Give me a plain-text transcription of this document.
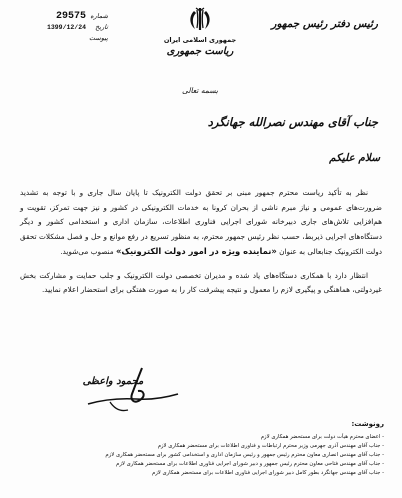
رئیس دفتر رئیس جمهور
جمهوری اسلامی ایران
ریاست جمهوری
شماره
29575
تاریخ
1399/12/24
پیوست
بسمه تعالی
جناب آقای مهندس نصرالله جهانگرد
سلام علیکم

نظر به تأکید ریاست محترم جمهور مبنی بر تحقق دولت الکترونیک تا پایان سال جاری و با توجه به تشدید ضرورت‌های عمومی و نیاز مبرم ناشی از بحران کرونا به خدمات الکترونیکی در کشور و نیز جهت تمرکز، تقویت و هم‌افزایی تلاش‌های جاری دبیرخانه شورای اجرایی فناوری اطلاعات، سازمان اداری و استخدامی کشور و دیگر دستگاه‌های اجرایی ذیربط، حسب نظر رئیس جمهور محترم، به منظور تسریع در رفع موانع و حل و فصل مشکلات تحقق دولت الکترونیک جنابعالی به عنوان «نماینده ویژه در امور دولت الکترونیک» منصوب می‌شوید.

انتظار دارد با همکاری دستگاه‌های یاد شده و مدیران تخصصی دولت الکترونیک و جلب حمایت و مشارکت بخش غیردولتی، هماهنگی و پیگیری لازم را معمول و نتیجه پیشرفت کار را به صورت هفتگی برای استحضار اعلام نمایید.

محمود واعظی
رونوشت:
- اعضای محترم هیأت دولت برای مستحضر همکاری لازم
- جناب آقای مهندس آذری جهرمی وزیر محترم ارتباطات و فناوری اطلاعات برای مستحضر همکاری لازم
- جناب آقای مهندس انصاری معاون محترم رئیس جمهور و رئیس سازمان اداری و استخدامی کشور برای مستحضر همکاری لازم
- جناب آقای مهندس فتاحی معاون محترم رئیس جمهور و دبیر شورای اجرایی فناوری اطلاعات برای مستحضر همکاری لازم
- جناب آقای مهندس جهانگرد بطور کامل دبیر شورای اجرایی فناوری اطلاعات برای مستحضر همکاری لازم
